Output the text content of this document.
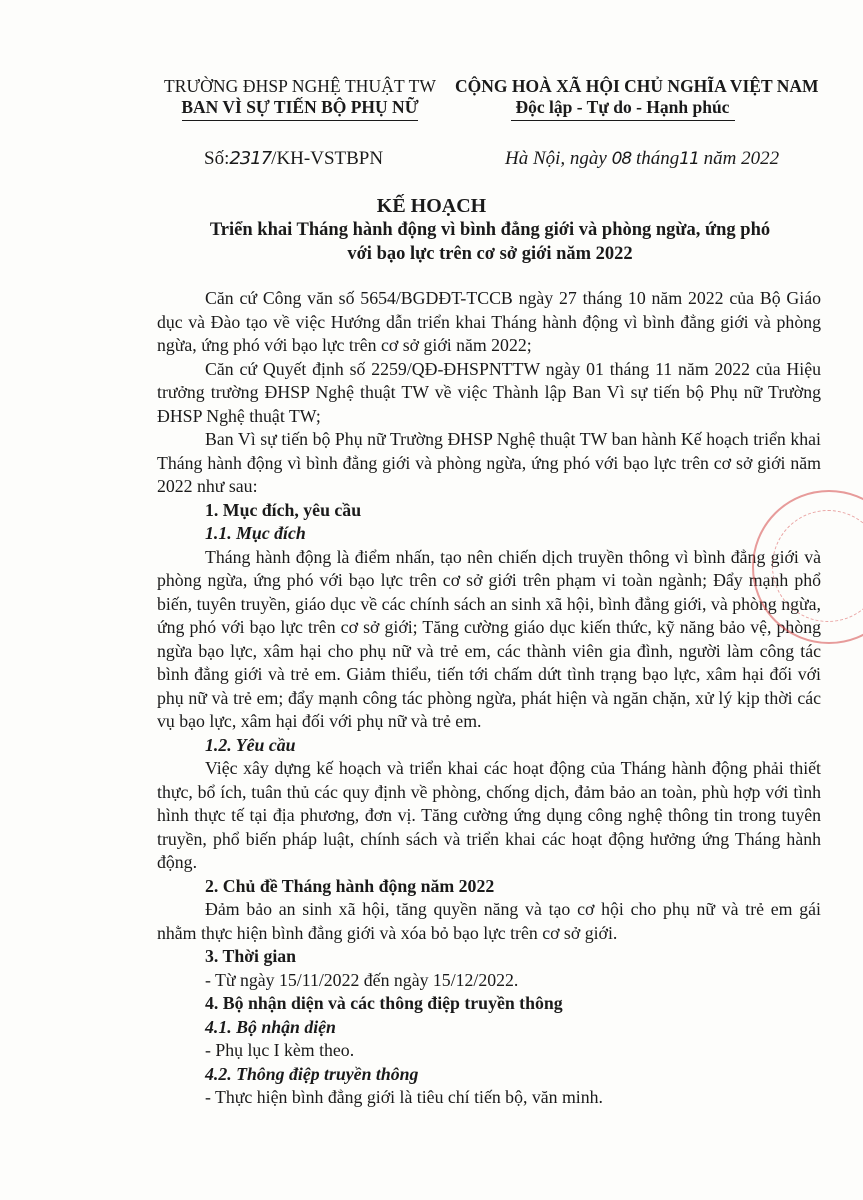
TRƯỜNG ĐHSP NGHỆ THUẬT TW
BAN VÌ SỰ TIẾN BỘ PHỤ NỮ
CỘNG HOÀ XÃ HỘI CHỦ NGHĨA VIỆT NAM
Độc lập - Tự do - Hạnh phúc
Số:2317/KH-VSTBPN	Hà Nội, ngày 08 tháng11 năm 2022
KẾ HOẠCH
Triển khai Tháng hành động vì bình đẳng giới và phòng ngừa, ứng phó
với bạo lực trên cơ sở giới năm 2022

Căn cứ Công văn số 5654/BGDĐT-TCCB ngày 27 tháng 10 năm 2022 của Bộ Giáo dục và Đào tạo về việc Hướng dẫn triển khai Tháng hành động vì bình đẳng giới và phòng ngừa, ứng phó với bạo lực trên cơ sở giới năm 2022;

Căn cứ Quyết định số 2259/QĐ-ĐHSPNTTW ngày 01 tháng 11 năm 2022 của Hiệu trưởng trường ĐHSP Nghệ thuật TW về việc Thành lập Ban Vì sự tiến bộ Phụ nữ Trường ĐHSP Nghệ thuật TW;

Ban Vì sự tiến bộ Phụ nữ Trường ĐHSP Nghệ thuật TW ban hành Kế hoạch triển khai Tháng hành động vì bình đẳng giới và phòng ngừa, ứng phó với bạo lực trên cơ sở giới năm 2022 như sau:

1. Mục đích, yêu cầu

1.1. Mục đích

Tháng hành động là điểm nhấn, tạo nên chiến dịch truyền thông vì bình đẳng giới và phòng ngừa, ứng phó với bạo lực trên cơ sở giới trên phạm vi toàn ngành; Đẩy mạnh phổ biến, tuyên truyền, giáo dục về các chính sách an sinh xã hội, bình đẳng giới, và phòng ngừa, ứng phó với bạo lực trên cơ sở giới; Tăng cường giáo dục kiến thức, kỹ năng bảo vệ, phòng ngừa bạo lực, xâm hại cho phụ nữ và trẻ em, các thành viên gia đình, người làm công tác bình đẳng giới và trẻ em. Giảm thiểu, tiến tới chấm dứt tình trạng bạo lực, xâm hại đối với phụ nữ và trẻ em; đẩy mạnh công tác phòng ngừa, phát hiện và ngăn chặn, xử lý kịp thời các vụ bạo lực, xâm hại đối với phụ nữ và trẻ em.

1.2. Yêu cầu

Việc xây dựng kế hoạch và triển khai các hoạt động của Tháng hành động phải thiết thực, bổ ích, tuân thủ các quy định về phòng, chống dịch, đảm bảo an toàn, phù hợp với tình hình thực tế tại địa phương, đơn vị. Tăng cường ứng dụng công nghệ thông tin trong tuyên truyền, phổ biến pháp luật, chính sách và triển khai các hoạt động hưởng ứng Tháng hành động.

2. Chủ đề Tháng hành động năm 2022

Đảm bảo an sinh xã hội, tăng quyền năng và tạo cơ hội cho phụ nữ và trẻ em gái nhằm thực hiện bình đẳng giới và xóa bỏ bạo lực trên cơ sở giới.

3. Thời gian

- Từ ngày 15/11/2022 đến ngày 15/12/2022.

4. Bộ nhận diện và các thông điệp truyền thông

4.1. Bộ nhận diện

- Phụ lục I kèm theo.

4.2. Thông điệp truyền thông

- Thực hiện bình đẳng giới là tiêu chí tiến bộ, văn minh.
